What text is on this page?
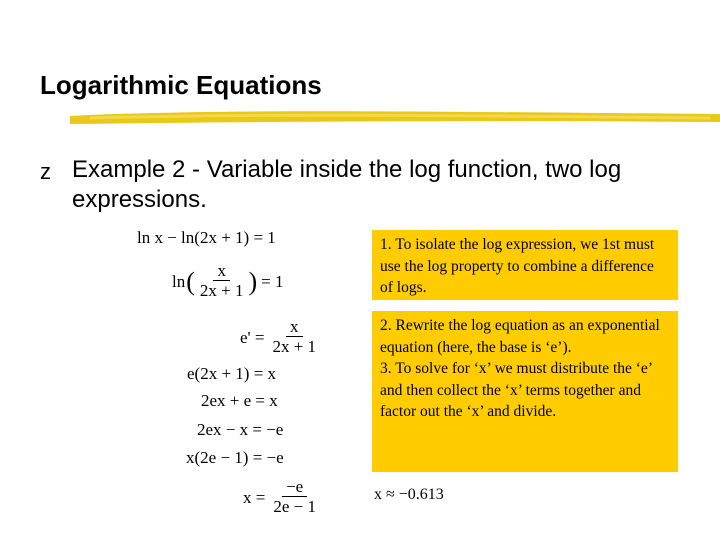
Logarithmic Equations
z Example 2 - Variable inside the log function, two log expressions.
ln x − ln(2x + 1) = 1
ln ( $\frac{x}{2x + 1}$ ) = 1
$e' = \frac{x}{2x + 1}$
e(2x + 1) = x
2ex + e = x
2ex − x = −e
x(2e − 1) = −e
$x = \frac{-e}{2e - 1}$
1. To isolate the log expression, we 1st must use the log property to combine a difference of logs.
2. Rewrite the log equation as an exponential equation (here, the base is ‘e’).
3. To solve for ‘x’ we must distribute the ‘e’ and then collect the ‘x’ terms together and factor out the ‘x’ and divide.
x ≈ −0.613
